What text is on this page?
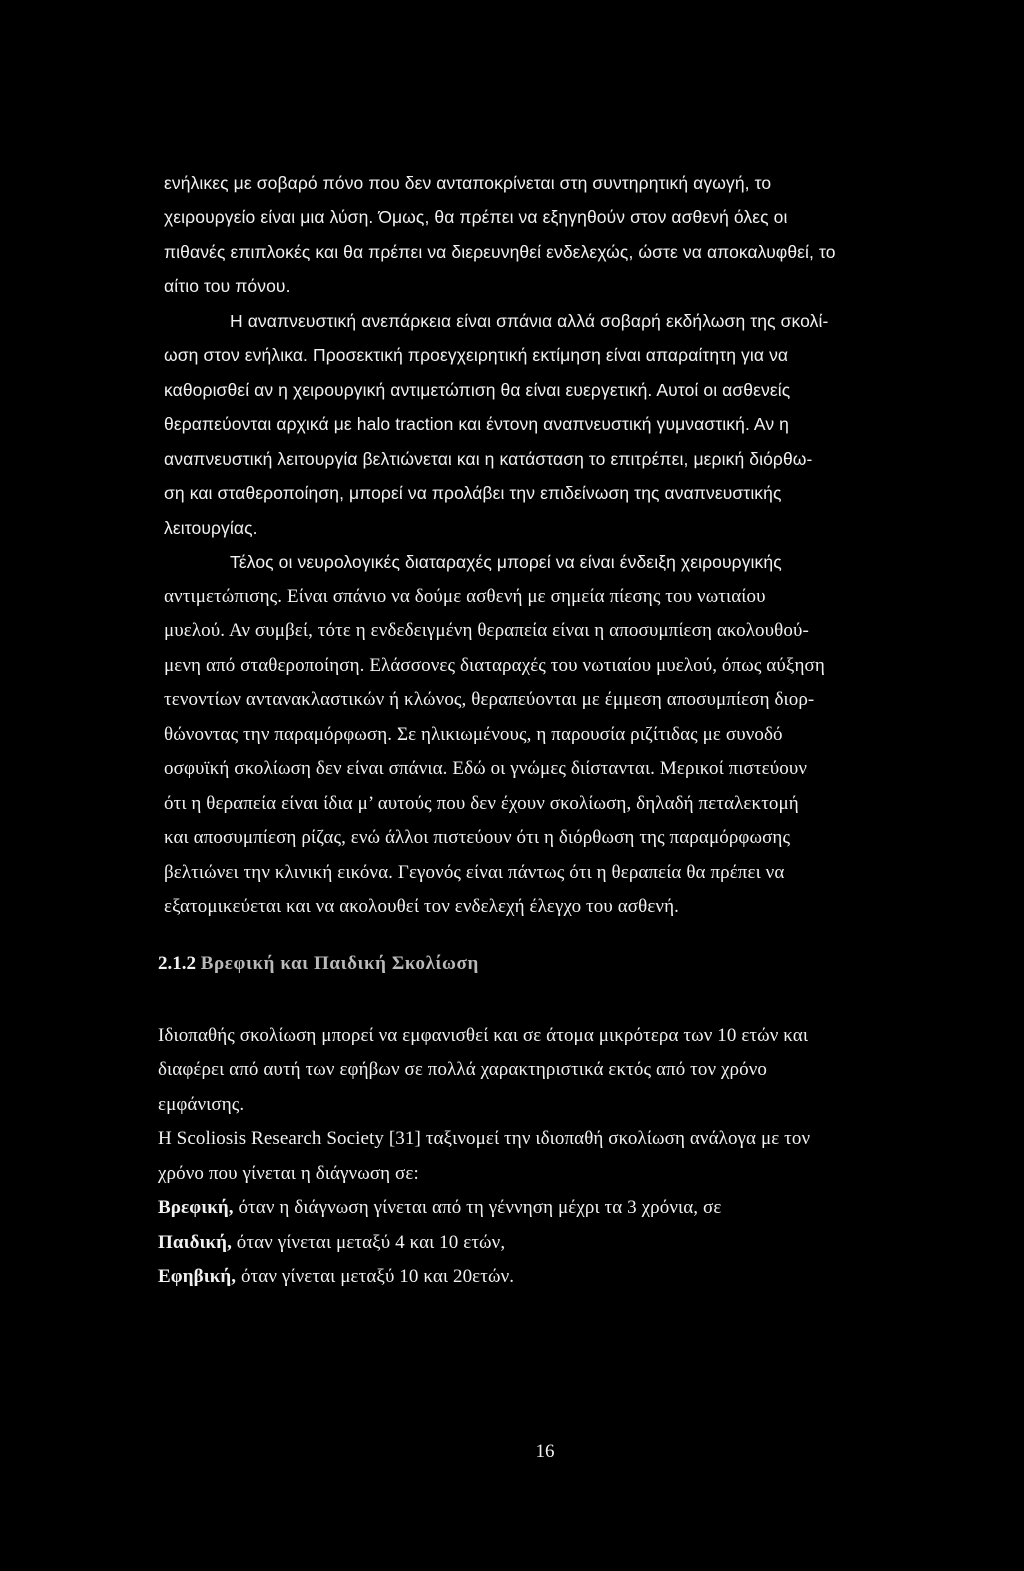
ενήλικες με σοβαρό πόνο που δεν ανταποκρίνεται στη συντηρητική αγωγή, το
χειρουργείο είναι μια λύση. Όμως, θα πρέπει να εξηγηθούν στον ασθενή όλες οι
πιθανές επιπλοκές και θα πρέπει να διερευνηθεί ενδελεχώς, ώστε να αποκαλυφθεί, το
αίτιο του πόνου.
Η αναπνευστική ανεπάρκεια είναι σπάνια αλλά σοβαρή εκδήλωση της σκολί-
ωση στον ενήλικα. Προσεκτική προεγχειρητική εκτίμηση είναι απαραίτητη για να
καθορισθεί αν η χειρουργική αντιμετώπιση θα είναι ευεργετική. Αυτοί οι ασθενείς
θεραπεύονται αρχικά με halo traction και έντονη αναπνευστική γυμναστική. Αν η
αναπνευστική λειτουργία βελτιώνεται και η κατάσταση το επιτρέπει, μερική διόρθω-
ση και σταθεροποίηση, μπορεί να προλάβει την επιδείνωση της αναπνευστικής
λειτουργίας.
Τέλος οι νευρολογικές διαταραχές μπορεί να είναι ένδειξη χειρουργικής
αντιμετώπισης. Είναι σπάνιο να δούμε ασθενή με σημεία πίεσης του νωτιαίου
μυελού. Αν συμβεί, τότε η ενδεδειγμένη θεραπεία είναι η αποσυμπίεση ακολουθού-
μενη από σταθεροποίηση. Ελάσσονες διαταραχές του νωτιαίου μυελού, όπως αύξηση
τενοντίων αντανακλαστικών ή κλώνος, θεραπεύονται με έμμεση αποσυμπίεση διορ-
θώνοντας την παραμόρφωση. Σε ηλικιωμένους, η παρουσία ριζίτιδας με συνοδό
οσφυϊκή σκολίωση δεν είναι σπάνια. Εδώ οι γνώμες διίστανται. Μερικοί πιστεύουν
ότι η θεραπεία είναι ίδια μ’ αυτούς που δεν έχουν σκολίωση, δηλαδή πεταλεκτομή
και αποσυμπίεση ρίζας, ενώ άλλοι πιστεύουν ότι η διόρθωση της παραμόρφωσης
βελτιώνει την κλινική εικόνα. Γεγονός είναι πάντως ότι η θεραπεία θα πρέπει να
εξατομικεύεται και να ακολουθεί τον ενδελεχή έλεγχο του ασθενή.
2.1.2 Βρεφική και Παιδική Σκολίωση
Ιδιοπαθής σκολίωση μπορεί να εμφανισθεί και σε άτομα μικρότερα των 10 ετών και
διαφέρει από αυτή των εφήβων σε πολλά χαρακτηριστικά εκτός από τον χρόνο
εμφάνισης.
Η Scoliosis Research Society [31] ταξινομεί την ιδιοπαθή σκολίωση ανάλογα με τον
χρόνο που γίνεται η διάγνωση σε:
Βρεφική, όταν η διάγνωση γίνεται από τη γέννηση μέχρι τα 3 χρόνια, σε
Παιδική, όταν γίνεται μεταξύ 4 και 10 ετών,
Εφηβική, όταν γίνεται μεταξύ 10 και 20ετών.
16
